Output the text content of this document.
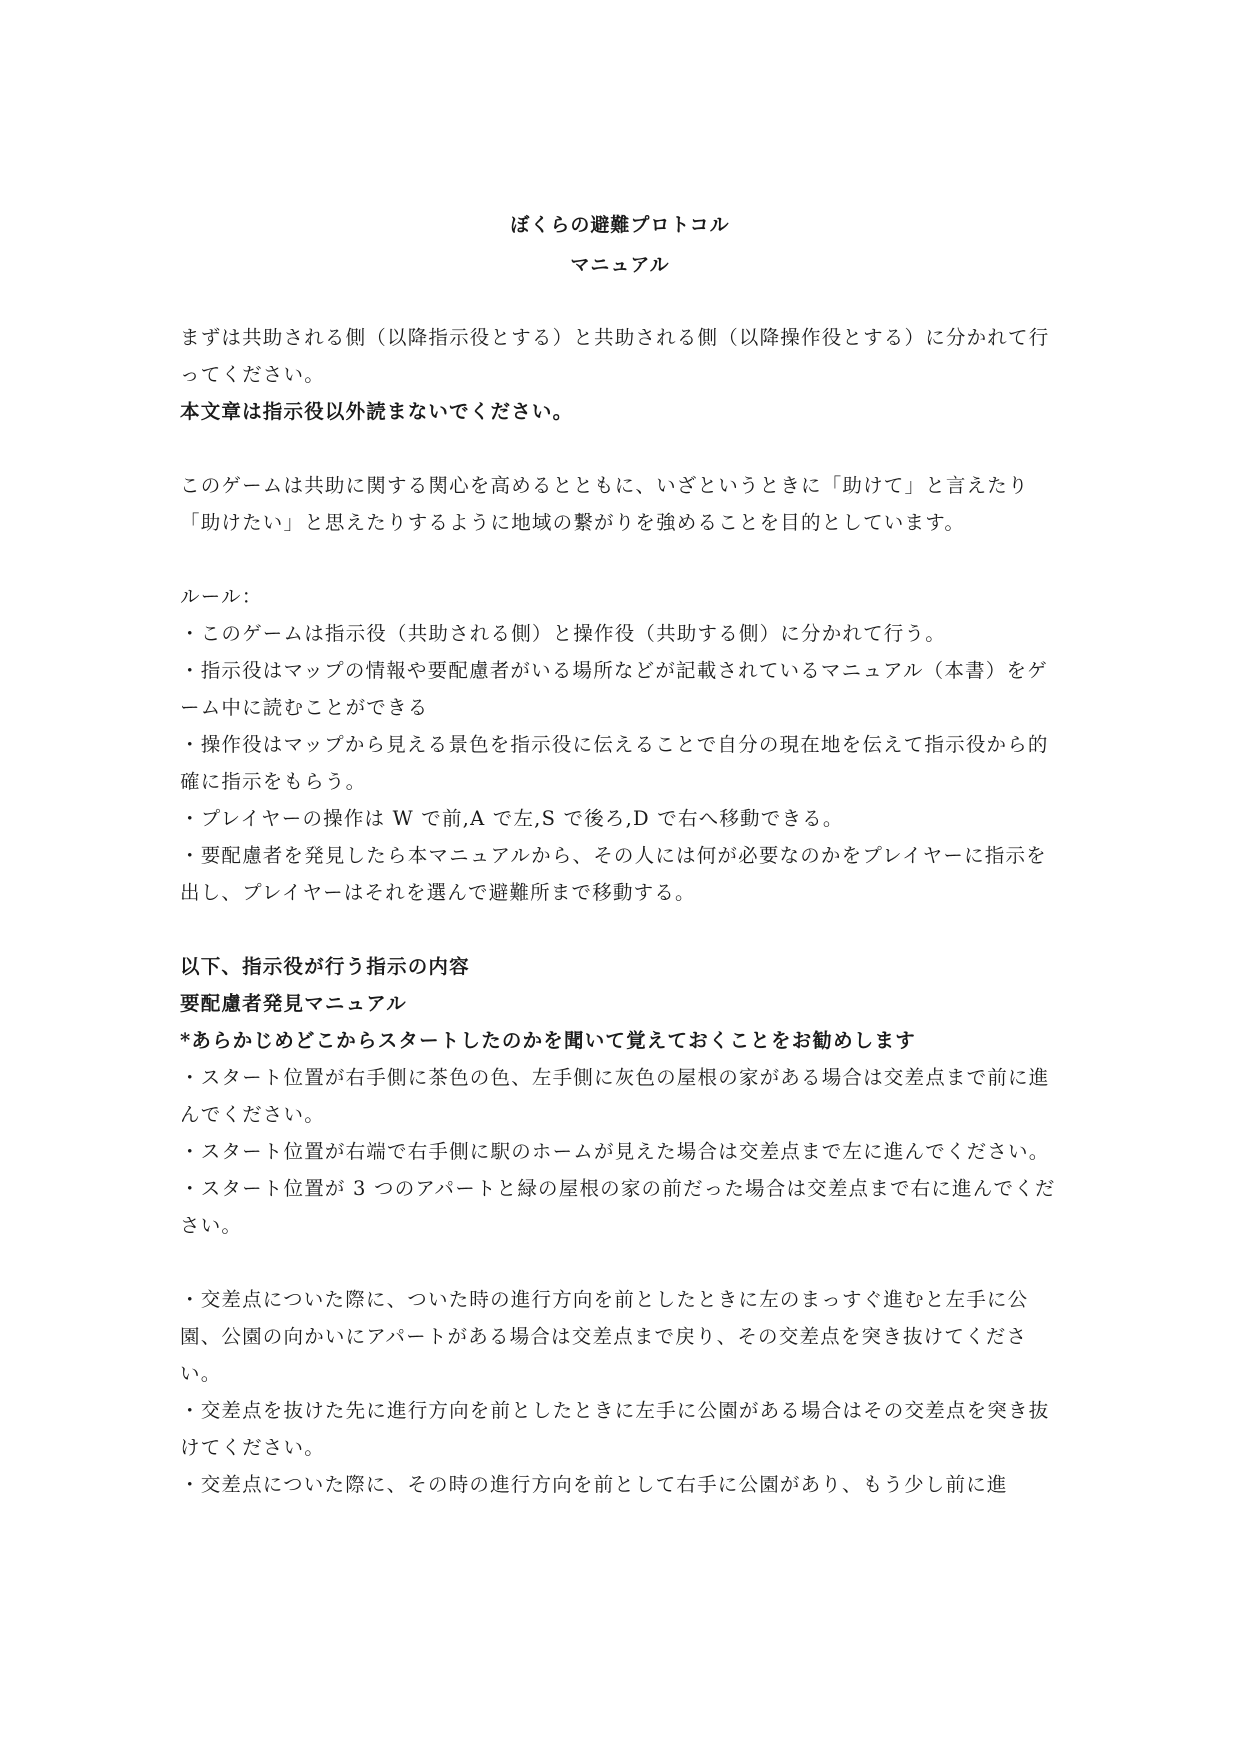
ぼくらの避難プロトコル
マニュアル

まずは共助される側（以降指示役とする）と共助される側（以降操作役とする）に分かれて行ってください。

本文章は指示役以外読まないでください。

このゲームは共助に関する関心を高めるとともに、いざというときに「助けて」と言えたり「助けたい」と思えたりするように地域の繋がりを強めることを目的としています。

ルール：

・このゲームは指示役（共助される側）と操作役（共助する側）に分かれて行う。

・指示役はマップの情報や要配慮者がいる場所などが記載されているマニュアル（本書）をゲーム中に読むことができる

・操作役はマップから見える景色を指示役に伝えることで自分の現在地を伝えて指示役から的確に指示をもらう。

・プレイヤーの操作は W で前,A で左,S で後ろ,D で右へ移動できる。

・要配慮者を発見したら本マニュアルから、その人には何が必要なのかをプレイヤーに指示を出し、プレイヤーはそれを選んで避難所まで移動する。

以下、指示役が行う指示の内容

要配慮者発見マニュアル

*あらかじめどこからスタートしたのかを聞いて覚えておくことをお勧めします

・スタート位置が右手側に茶色の色、左手側に灰色の屋根の家がある場合は交差点まで前に進んでください。

・スタート位置が右端で右手側に駅のホームが見えた場合は交差点まで左に進んでください。

・スタート位置が 3 つのアパートと緑の屋根の家の前だった場合は交差点まで右に進んでください。

・交差点についた際に、ついた時の進行方向を前としたときに左のまっすぐ進むと左手に公園、公園の向かいにアパートがある場合は交差点まで戻り、その交差点を突き抜けてください。

・交差点を抜けた先に進行方向を前としたときに左手に公園がある場合はその交差点を突き抜けてください。

・交差点についた際に、その時の進行方向を前として右手に公園があり、もう少し前に進
